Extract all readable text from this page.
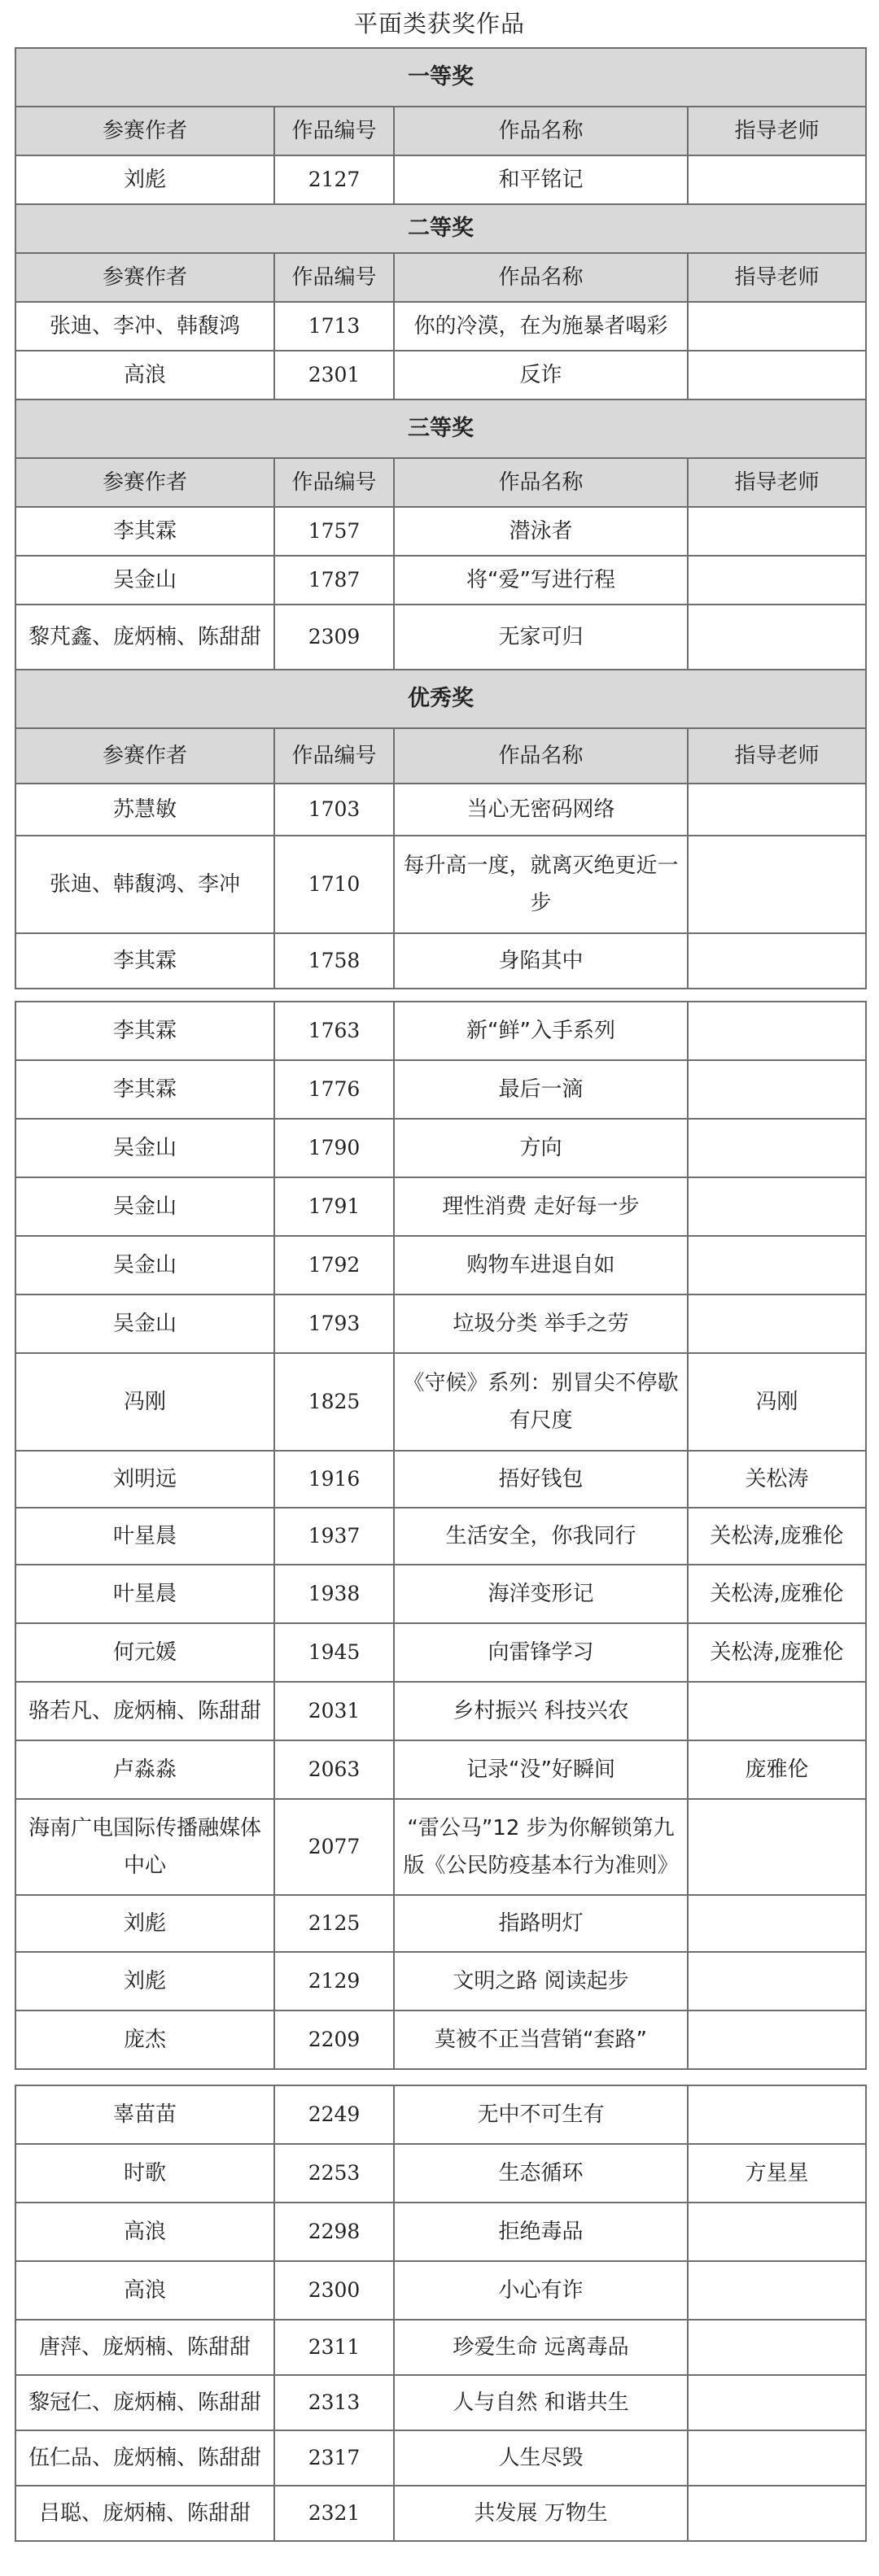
平面类获奖作品
一等奖			
参赛作者	作品编号	作品名称	指导老师
刘彪	2127	和平铭记	
二等奖			
参赛作者	作品编号	作品名称	指导老师
张迪、李冲、韩馥鸿	1713	你的冷漠，在为施暴者喝彩	
高浪	2301	反诈	
三等奖			
参赛作者	作品编号	作品名称	指导老师
李其霖	1757	潜泳者	
吴金山	1787	将“爱”写进行程	
黎芃鑫、庞炳楠、陈甜甜	2309	无家可归	
优秀奖			
参赛作者	作品编号	作品名称	指导老师
苏慧敏	1703	当心无密码网络	
张迪、韩馥鸿、李冲	1710	每升高一度，就离灭绝更近一步	
李其霖	1758	身陷其中	
李其霖	1763	新“鲜”入手系列	
李其霖	1776	最后一滴	
吴金山	1790	方向	
吴金山	1791	理性消费 走好每一步	
吴金山	1792	购物车进退自如	
吴金山	1793	垃圾分类 举手之劳	
冯刚	1825	《守候》系列：别冒尖不停歇有尺度	冯刚
刘明远	1916	捂好钱包	关松涛
叶星晨	1937	生活安全，你我同行	关松涛,庞雅伦
叶星晨	1938	海洋变形记	关松涛,庞雅伦
何元媛	1945	向雷锋学习	关松涛,庞雅伦
骆若凡、庞炳楠、陈甜甜	2031	乡村振兴 科技兴农	
卢淼淼	2063	记录“没”好瞬间	庞雅伦
海南广电国际传播融媒体中心	2077	“雷公马”12 步为你解锁第九版《公民防疫基本行为准则》	
刘彪	2125	指路明灯	
刘彪	2129	文明之路 阅读起步	
庞杰	2209	莫被不正当营销“套路”	
辜苗苗	2249	无中不可生有	
时歌	2253	生态循环	方星星
高浪	2298	拒绝毒品	
高浪	2300	小心有诈	
唐萍、庞炳楠、陈甜甜	2311	珍爱生命 远离毒品	
黎冠仁、庞炳楠、陈甜甜	2313	人与自然 和谐共生	
伍仁品、庞炳楠、陈甜甜	2317	人生尽毁	
吕聪、庞炳楠、陈甜甜	2321	共发展 万物生	
